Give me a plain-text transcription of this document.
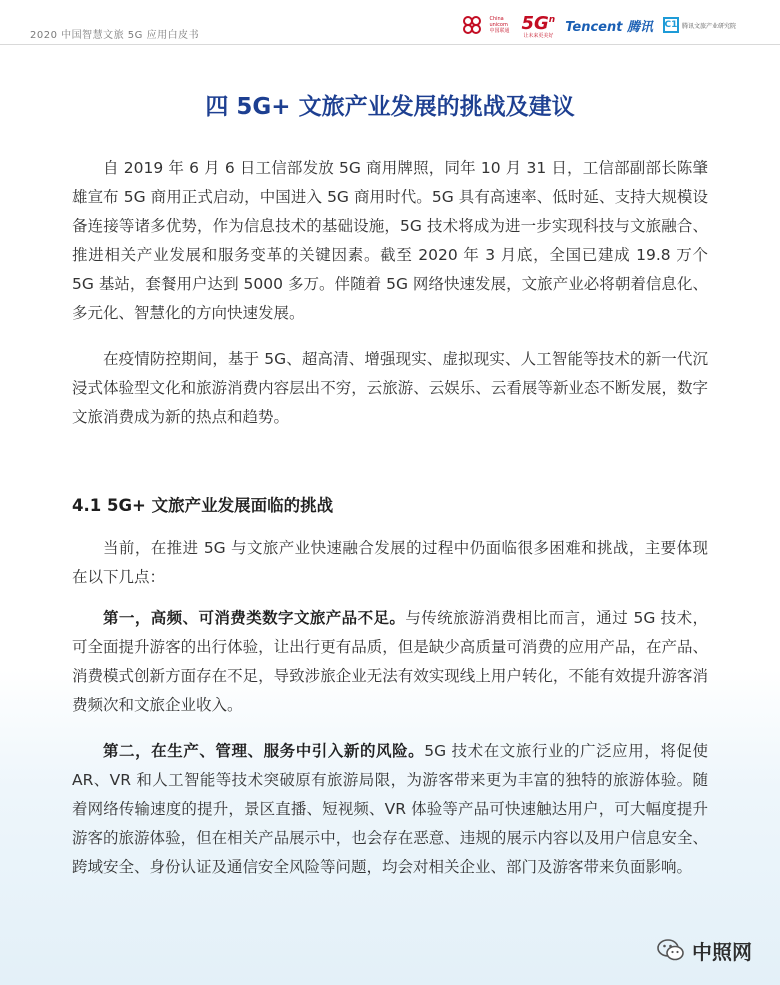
2020 中国智慧文旅 5G 应用白皮书
China unicom 中国联通 $5G^n$
让未来更美好
Tencent 腾讯 C1 腾讯文旅产业研究院
四 5G+ 文旅产业发展的挑战及建议

自 2019 年 6 月 6 日工信部发放 5G 商用牌照，同年 10 月 31 日，工信部副部长陈肇雄宣布 5G 商用正式启动，中国进入 5G 商用时代。5G 具有高速率、低时延、支持大规模设备连接等诸多优势，作为信息技术的基础设施，5G 技术将成为进一步实现科技与文旅融合、推进相关产业发展和服务变革的关键因素。截至 2020 年 3 月底，全国已建成 19.8 万个 5G 基站，套餐用户达到 5000 多万。伴随着 5G 网络快速发展，文旅产业必将朝着信息化、多元化、智慧化的方向快速发展。

在疫情防控期间，基于 5G、超高清、增强现实、虚拟现实、人工智能等技术的新一代沉浸式体验型文化和旅游消费内容层出不穷，云旅游、云娱乐、云看展等新业态不断发展，数字文旅消费成为新的热点和趋势。

4.1 5G+ 文旅产业发展面临的挑战

当前，在推进 5G 与文旅产业快速融合发展的过程中仍面临很多困难和挑战，主要体现在以下几点：

第一，高频、可消费类数字文旅产品不足。与传统旅游消费相比而言，通过 5G 技术，可全面提升游客的出行体验，让出行更有品质，但是缺少高质量可消费的应用产品，在产品、消费模式创新方面存在不足，导致涉旅企业无法有效实现线上用户转化，不能有效提升游客消费频次和文旅企业收入。

第二，在生产、管理、服务中引入新的风险。5G 技术在文旅行业的广泛应用，将促使 AR、VR 和人工智能等技术突破原有旅游局限，为游客带来更为丰富的独特的旅游体验。随着网络传输速度的提升，景区直播、短视频、VR 体验等产品可快速触达用户，可大幅度提升游客的旅游体验，但在相关产品展示中，也会存在恶意、违规的展示内容以及用户信息安全、跨域安全、身份认证及通信安全风险等问题，均会对相关企业、部门及游客带来负面影响。

中照网
